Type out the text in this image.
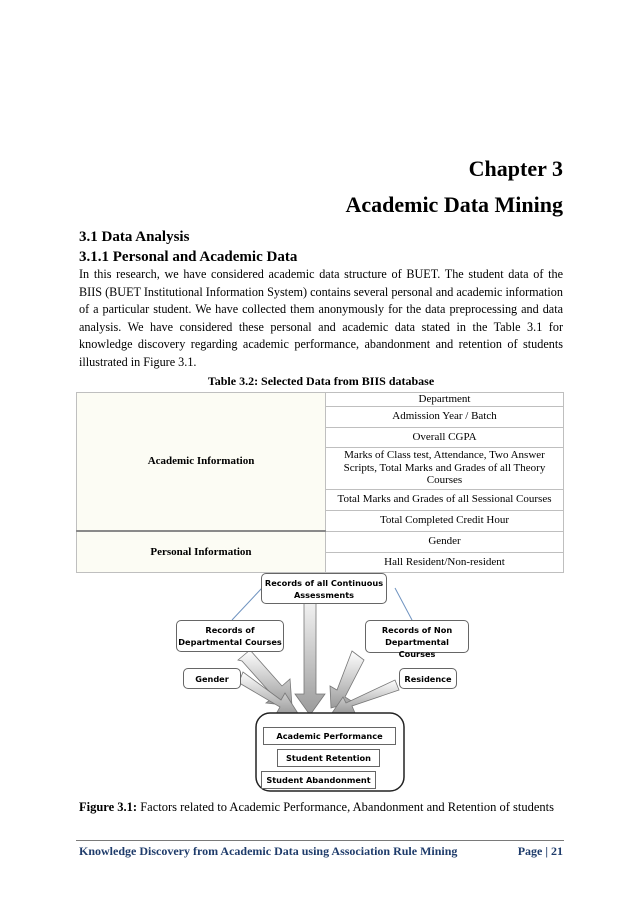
Chapter 3
Academic Data Mining
3.1 Data Analysis
3.1.1 Personal and Academic Data
In this research, we have considered academic data structure of BUET. The student data of the BIIS (BUET Institutional Information System) contains several personal and academic information of a particular student. We have collected them anonymously for the data preprocessing and data analysis. We have considered these personal and academic data stated in the Table 3.1 for knowledge discovery regarding academic performance, abandonment and retention of students illustrated in Figure 3.1.
Table 3.2: Selected Data from BIIS database
Academic Information	Department
	Admission Year / Batch
	Overall CGPA
	Marks of Class test, Attendance, Two Answer Scripts, Total Marks and Grades of all Theory Courses
	Total Marks and Grades of all Sessional Courses
	Total Completed Credit Hour
Personal Information	Gender
	Hall Resident/Non-resident
Records of all Continuous Assessments
Records of Departmental Courses
Records of Non Departmental Courses
Gender	Residence
Academic Performance
Student Retention
Student Abandonment
Figure 3.1: Factors related to Academic Performance, Abandonment and Retention of students
Knowledge Discovery from Academic Data using Association Rule Mining	Page | 21
